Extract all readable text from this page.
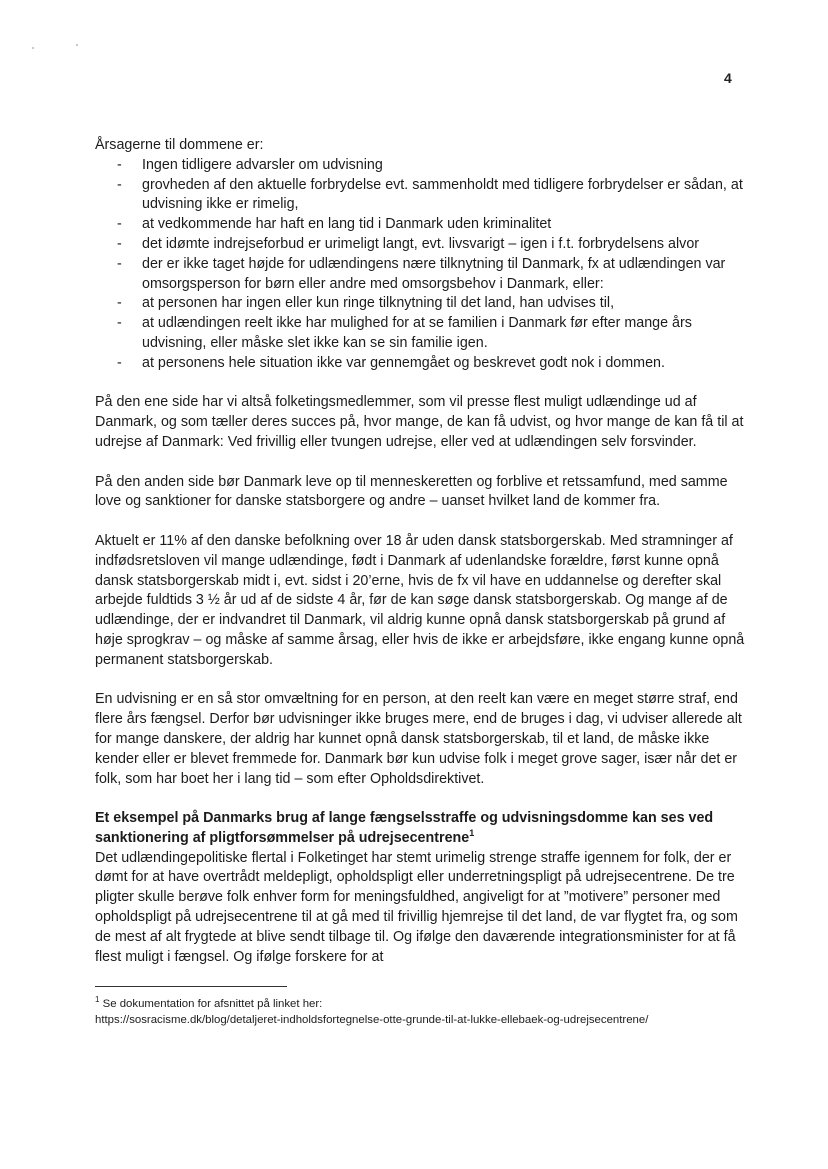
4

Årsagerne til dommene er:

- Ingen tidligere advarsler om udvisning
- grovheden af den aktuelle forbrydelse evt. sammenholdt med tidligere forbrydelser er sådan, at udvisning ikke er rimelig,
- at vedkommende har haft en lang tid i Danmark uden kriminalitet
- det idømte indrejseforbud er urimeligt langt, evt. livsvarigt – igen i f.t. forbrydelsens alvor
- der er ikke taget højde for udlændingens nære tilknytning til Danmark, fx at udlændingen var omsorgsperson for børn eller andre med omsorgsbehov i Danmark, eller:
- at personen har ingen eller kun ringe tilknytning til det land, han udvises til,
- at udlændingen reelt ikke har mulighed for at se familien i Danmark før efter mange års udvisning, eller måske slet ikke kan se sin familie igen.
- at personens hele situation ikke var gennemgået og beskrevet godt nok i dommen.

På den ene side har vi altså folketingsmedlemmer, som vil presse flest muligt udlændinge ud af Danmark, og som tæller deres succes på, hvor mange, de kan få udvist, og hvor mange de kan få til at udrejse af Danmark: Ved frivillig eller tvungen udrejse, eller ved at udlændingen selv forsvinder.

På den anden side bør Danmark leve op til menneskeretten og forblive et retssamfund, med samme love og sanktioner for danske statsborgere og andre – uanset hvilket land de kommer fra.

Aktuelt er 11% af den danske befolkning over 18 år uden dansk statsborgerskab. Med stramninger af indfødsretsloven vil mange udlændinge, født i Danmark af udenlandske forældre, først kunne opnå dansk statsborgerskab midt i, evt. sidst i 20’erne, hvis de fx vil have en uddannelse og derefter skal arbejde fuldtids 3 ½ år ud af de sidste 4 år, før de kan søge dansk statsborgerskab. Og mange af de udlændinge, der er indvandret til Danmark, vil aldrig kunne opnå dansk statsborgerskab på grund af høje sprogkrav – og måske af samme årsag, eller hvis de ikke er arbejdsføre, ikke engang kunne opnå permanent statsborgerskab.

En udvisning er en så stor omvæltning for en person, at den reelt kan være en meget større straf, end flere års fængsel. Derfor bør udvisninger ikke bruges mere, end de bruges i dag, vi udviser allerede alt for mange danskere, der aldrig har kunnet opnå dansk statsborgerskab, til et land, de måske ikke kender eller er blevet fremmede for. Danmark bør kun udvise folk i meget grove sager, især når det er folk, som har boet her i lang tid – som efter Opholdsdirektivet.

Et eksempel på Danmarks brug af lange fængselsstraffe og udvisningsdomme kan ses ved sanktionering af pligtforsømmelser på udrejsecentrene$^1$

Det udlændingepolitiske flertal i Folketinget har stemt urimelig strenge straffe igennem for folk, der er dømt for at have overtrådt meldepligt, opholdspligt eller underretningspligt på udrejsecentrene. De tre pligter skulle berøve folk enhver form for meningsfuldhed, angiveligt for at ”motivere” personer med opholdspligt på udrejsecentrene til at gå med til frivillig hjemrejse til det land, de var flygtet fra, og som de mest af alt frygtede at blive sendt tilbage til. Og ifølge den daværende integrationsminister for at få flest muligt i fængsel. Og ifølge forskere for at

$^1$ Se dokumentation for afsnittet på linket her:
https://sosracisme.dk/blog/detaljeret-indholdsfortegnelse-otte-grunde-til-at-lukke-ellebaek-og-udrejsecentrene/
